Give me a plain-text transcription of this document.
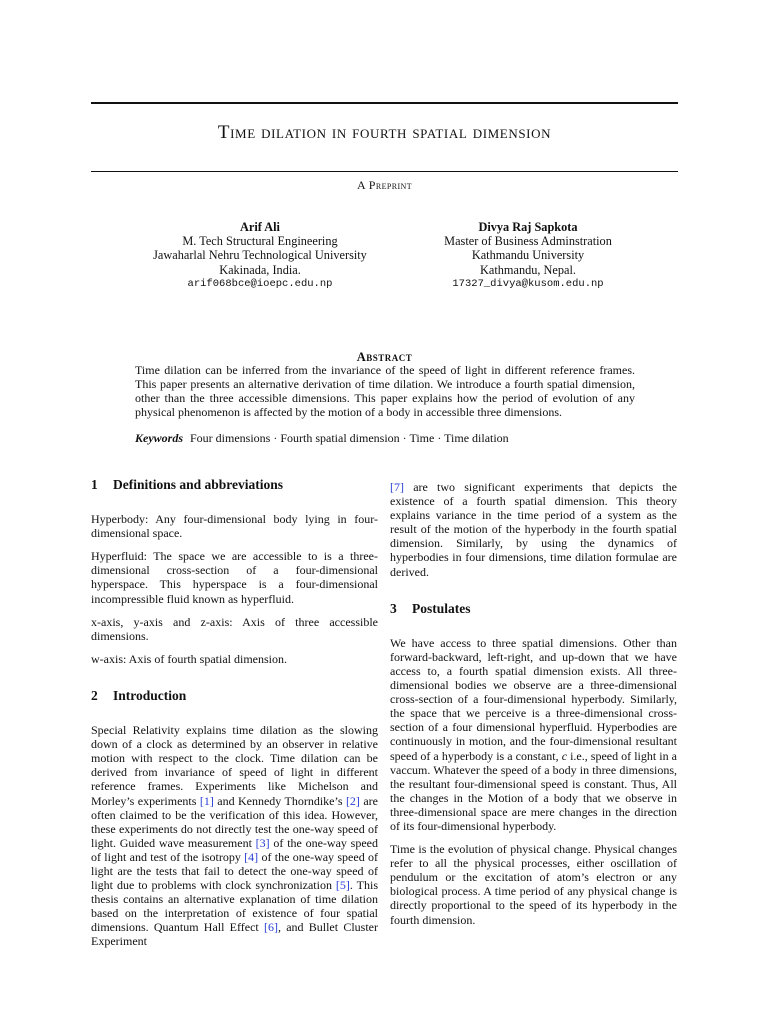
Time dilation in fourth spatial dimension
A Preprint
Arif Ali
M. Tech Structural Engineering
Jawaharlal Nehru Technological University
Kakinada, India.
arif068bce@ioepc.edu.np
Divya Raj Sapkota
Master of Business Adminstration
Kathmandu University
Kathmandu, Nepal.
17327_divya@kusom.edu.np
Abstract
Time dilation can be inferred from the invariance of the speed of light in different reference frames. This paper presents an alternative derivation of time dilation. We introduce a fourth spatial dimension, other than the three accessible dimensions. This paper explains how the period of evolution of any physical phenomenon is affected by the motion of a body in accessible three dimensions.
Keywords Four dimensions · Fourth spatial dimension · Time · Time dilation
1 Definitions and abbreviations

Hyperbody: Any four-dimensional body lying in four-dimensional space.

Hyperfluid: The space we are accessible to is a three-dimensional cross-section of a four-dimensional hyperspace. This hyperspace is a four-dimensional incompressible fluid known as hyperfluid.

x-axis, y-axis and z-axis: Axis of three accessible dimensions.

w-axis: Axis of fourth spatial dimension.

2 Introduction

Special Relativity explains time dilation as the slowing down of a clock as determined by an observer in relative motion with respect to the clock. Time dilation can be derived from invariance of speed of light in different reference frames. Experiments like Michelson and Morley’s experiments [1] and Kennedy Thorndike’s [2] are often claimed to be the verification of this idea. However, these experiments do not directly test the one-way speed of light. Guided wave measurement [3] of the one-way speed of light and test of the isotropy [4] of the one-way speed of light are the tests that fail to detect the one-way speed of light due to problems with clock synchronization [5]. This thesis contains an alternative explanation of time dilation based on the interpretation of existence of four spatial dimensions. Quantum Hall Effect [6], and Bullet Cluster Experiment

[7] are two significant experiments that depicts the existence of a fourth spatial dimension. This theory explains variance in the time period of a system as the result of the motion of the hyperbody in the fourth spatial dimension. Similarly, by using the dynamics of hyperbodies in four dimensions, time dilation formulae are derived.

3 Postulates

We have access to three spatial dimensions. Other than forward-backward, left-right, and up-down that we have access to, a fourth spatial dimension exists. All three-dimensional bodies we observe are a three-dimensional cross-section of a four-dimensional hyperbody. Similarly, the space that we perceive is a three-dimensional cross-section of a four dimensional hyperfluid. Hyperbodies are continuously in motion, and the four-dimensional resultant speed of a hyperbody is a constant, c i.e., speed of light in a vaccum. Whatever the speed of a body in three dimensions, the resultant four-dimensional speed is constant. Thus, All the changes in the Motion of a body that we observe in three-dimensional space are mere changes in the direction of its four-dimensional hyperbody.

Time is the evolution of physical change. Physical changes refer to all the physical processes, either oscillation of pendulum or the excitation of atom’s electron or any biological process. A time period of any physical change is directly proportional to the speed of its hyperbody in the fourth dimension.
